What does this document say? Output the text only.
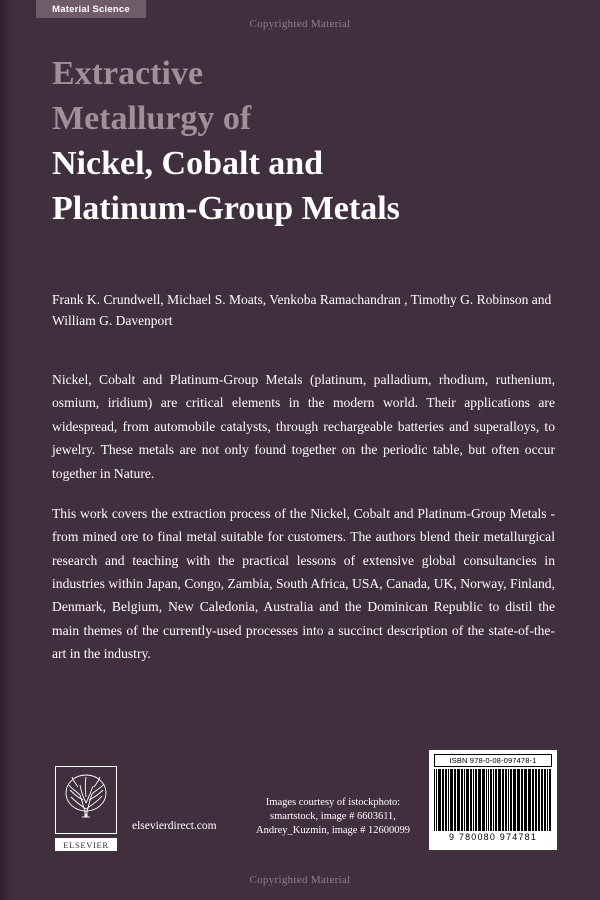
Material Science
Copyrighted Material
Extractive
Metallurgy of
Nickel, Cobalt and
Platinum-Group Metals
Frank K. Crundwell, Michael S. Moats, Venkoba Ramachandran , Timothy G. Robinson and William G. Davenport

Nickel, Cobalt and Platinum-Group Metals (platinum, palladium, rhodium, ruthenium, osmium, iridium) are critical elements in the modern world. Their applications are widespread, from automobile catalysts, through rechargeable batteries and superalloys, to jewelry. These metals are not only found together on the periodic table, but often occur together in Nature.

This work covers the extraction process of the Nickel, Cobalt and Platinum-Group Metals - from mined ore to final metal suitable for customers. The authors blend their metallurgical research and teaching with the practical lessons of extensive global consultancies in industries within Japan, Congo, Zambia, South Africa, USA, Canada, UK, Norway, Finland, Denmark, Belgium, New Caledonia, Australia and the Dominican Republic to distil the main themes of the currently-used processes into a succinct description of the state-of-the-art in the industry.

ELSEVIER
elsevierdirect.com
Images courtesy of istockphoto: smartstock, image # 6603611, Andrey_Kuzmin, image # 12600099
ISBN 978-0-08-097478-1
9 780080 974781
Copyrighted Material
